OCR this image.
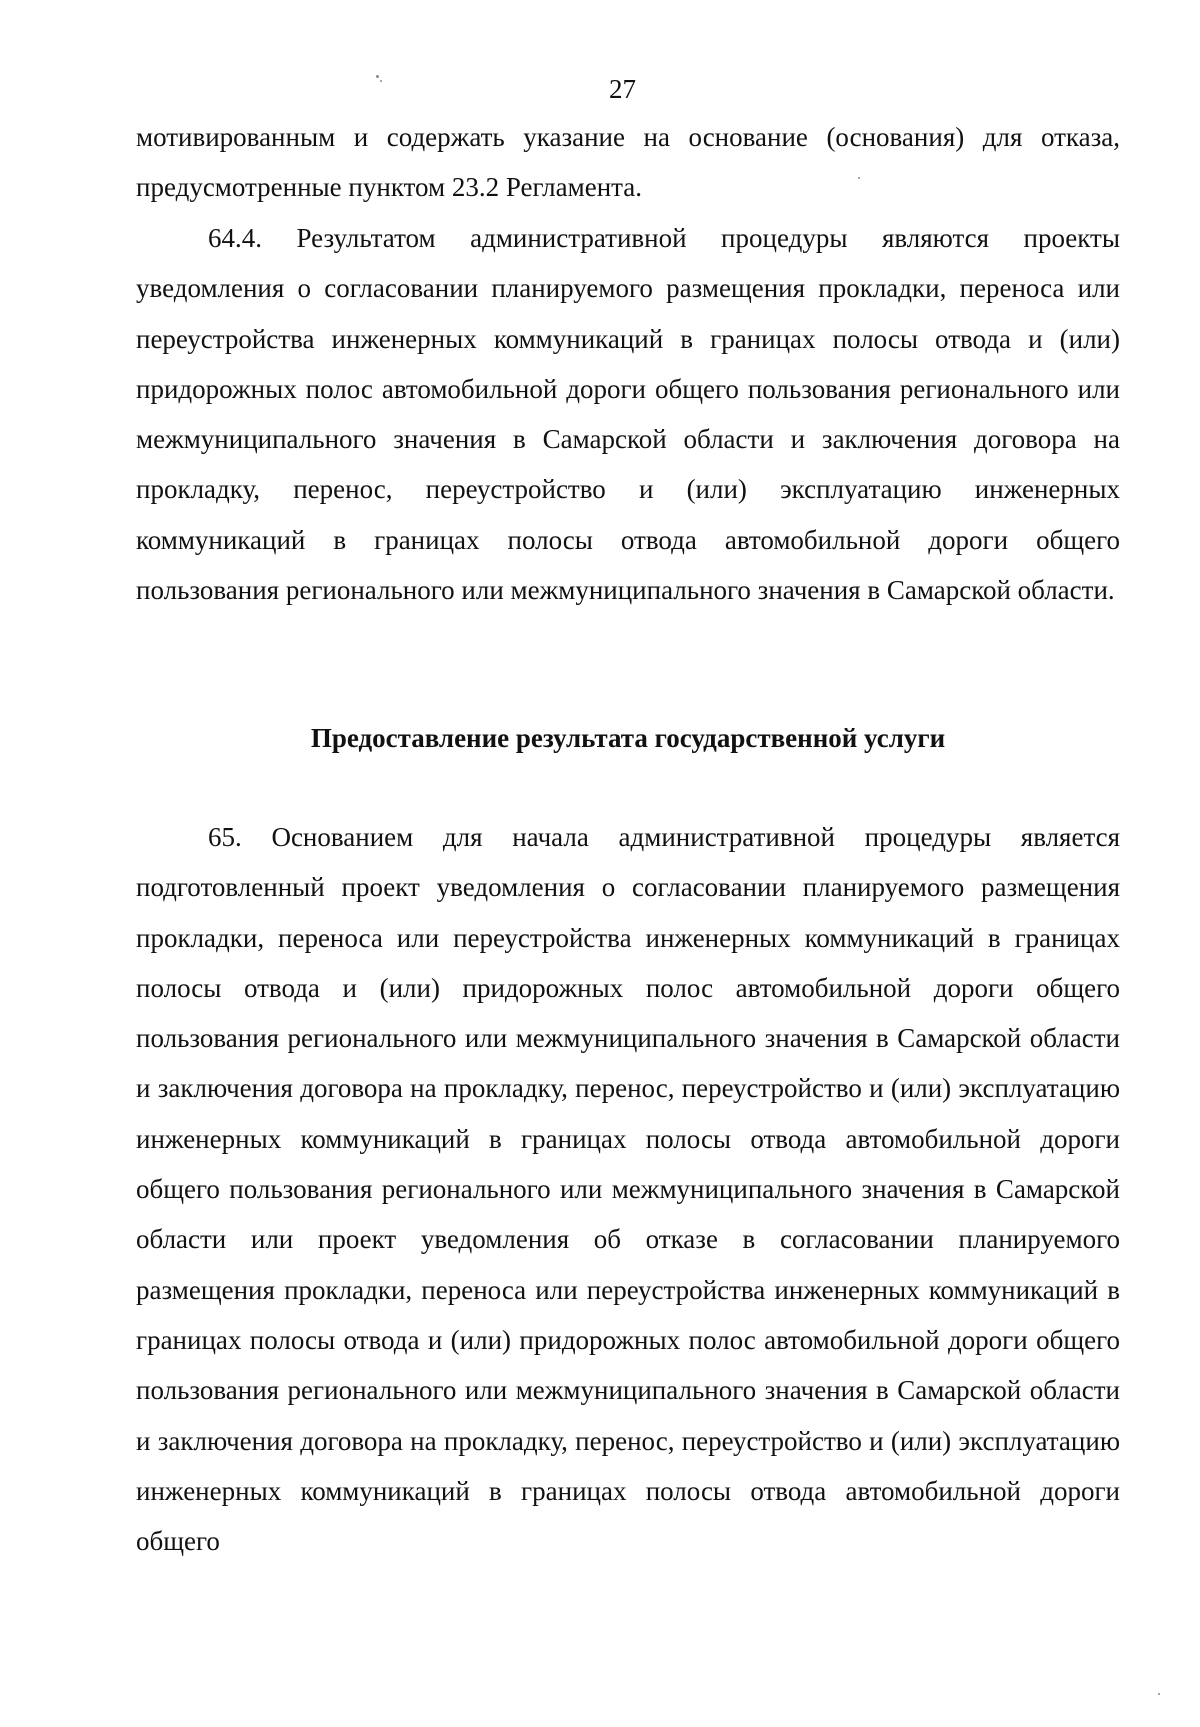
27

мотивированным и содержать указание на основание (основания) для отказа, предусмотренные пунктом 23.2 Регламента.

64.4. Результатом административной процедуры являются проекты уведомления о согласовании планируемого размещения прокладки, переноса или переустройства инженерных коммуникаций в границах полосы отвода и (или) придорожных полос автомобильной дороги общего пользования регионального или межмуниципального значения в Самарской области и заключения договора на прокладку, перенос, переустройство и (или) эксплуатацию инженерных коммуникаций в границах полосы отвода автомобильной дороги общего пользования регионального или межмуниципального значения в Самарской области.

Предоставление результата государственной услуги

65. Основанием для начала административной процедуры является подготовленный проект уведомления о согласовании планируемого размещения прокладки, переноса или переустройства инженерных коммуникаций в границах полосы отвода и (или) придорожных полос автомобильной дороги общего пользования регионального или межмуниципального значения в Самарской области и заключения договора на прокладку, перенос, переустройство и (или) эксплуатацию инженерных коммуникаций в границах полосы отвода автомобильной дороги общего пользования регионального или межмуниципального значения в Самарской области или проект уведомления об отказе в согласовании планируемого размещения прокладки, переноса или переустройства инженерных коммуникаций в границах полосы отвода и (или) придорожных полос автомобильной дороги общего пользования регионального или межмуниципального значения в Самарской области и заключения договора на прокладку, перенос, переустройство и (или) эксплуатацию инженерных коммуникаций в границах полосы отвода автомобильной дороги общего
